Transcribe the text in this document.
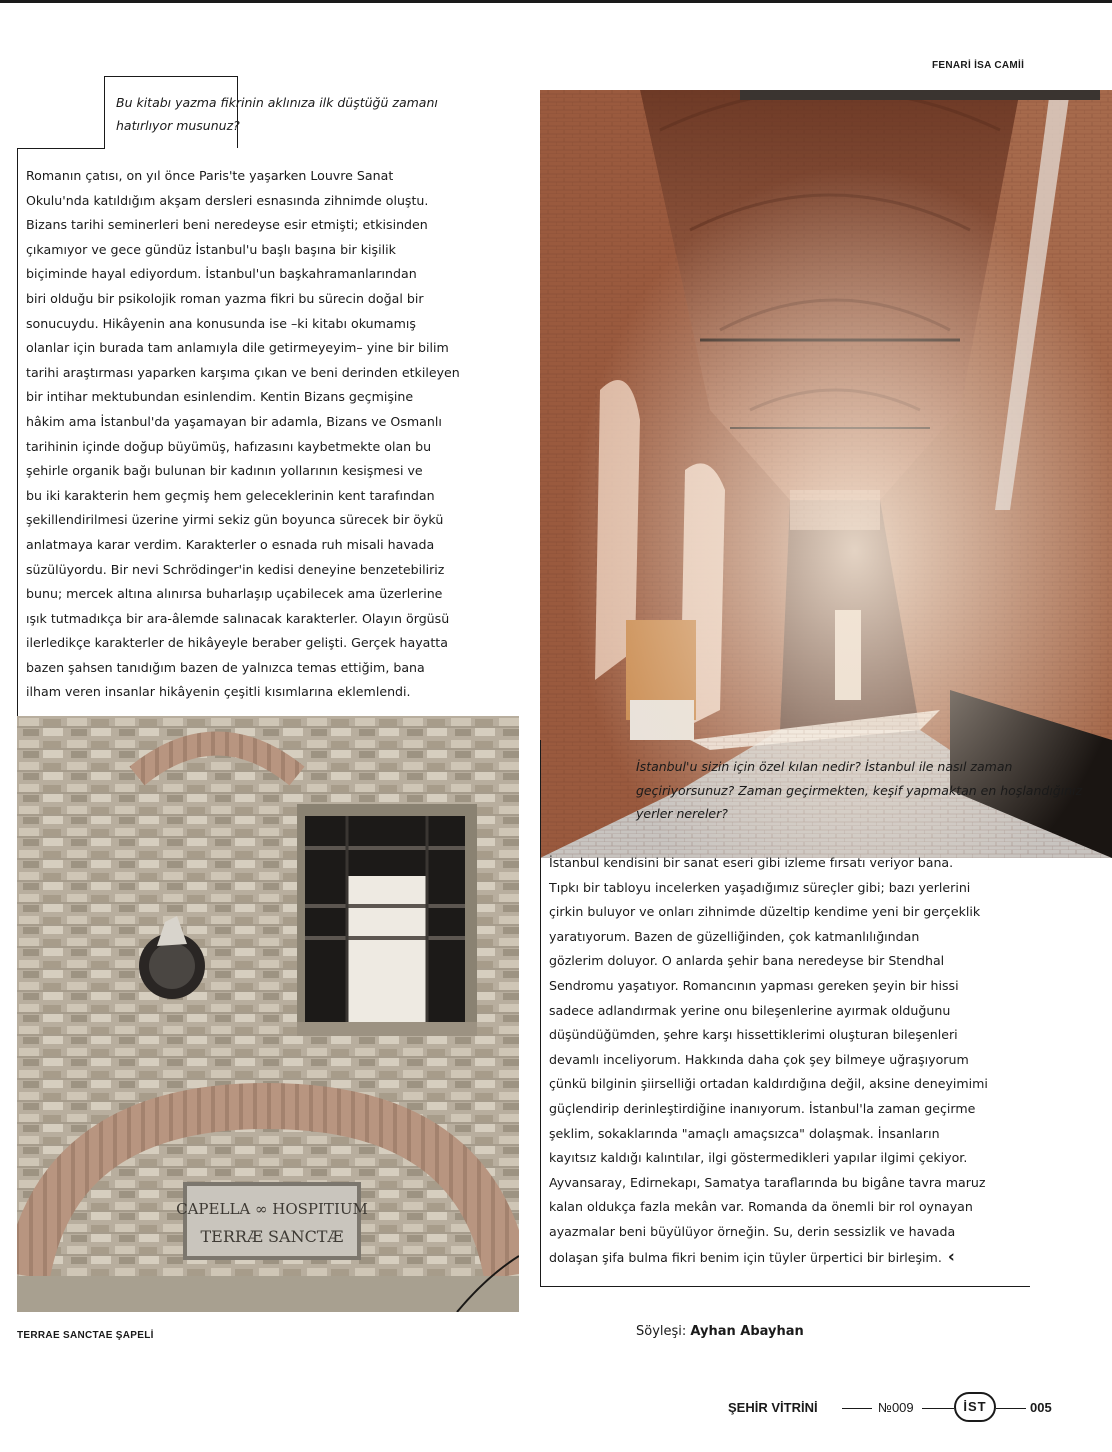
FENARİ İSA CAMİİ
Bu kitabı yazma fikrinin aklınıza ilk düştüğü zamanı hatırlıyor musunuz?
Romanın çatısı, on yıl önce Paris'te yaşarken Louvre Sanat
Okulu'nda katıldığım akşam dersleri esnasında zihnimde oluştu.
Bizans tarihi seminerleri beni neredeyse esir etmişti; etkisinden
çıkamıyor ve gece gündüz İstanbul'u başlı başına bir kişilik
biçiminde hayal ediyordum. İstanbul'un başkahramanlarından
biri olduğu bir psikolojik roman yazma fikri bu sürecin doğal bir
sonucuydu. Hikâyenin ana konusunda ise –ki kitabı okumamış
olanlar için burada tam anlamıyla dile getirmeyeyim– yine bir bilim
tarihi araştırması yaparken karşıma çıkan ve beni derinden etkileyen
bir intihar mektubundan esinlendim. Kentin Bizans geçmişine
hâkim ama İstanbul'da yaşamayan bir adamla, Bizans ve Osmanlı
tarihinin içinde doğup büyümüş, hafızasını kaybetmekte olan bu
şehirle organik bağı bulunan bir kadının yollarının kesişmesi ve
bu iki karakterin hem geçmiş hem geleceklerinin kent tarafından
şekillendirilmesi üzerine yirmi sekiz gün boyunca sürecek bir öykü
anlatmaya karar verdim. Karakterler o esnada ruh misali havada
süzülüyordu. Bir nevi Schrödinger'in kedisi deneyine benzetebiliriz
bunu; mercek altına alınırsa buharlaşıp uçabilecek ama üzerlerine
ışık tutmadıkça bir ara-âlemde salınacak karakterler. Olayın örgüsü
ilerledikçe karakterler de hikâyeyle beraber gelişti. Gerçek hayatta
bazen şahsen tanıdığım bazen de yalnızca temas ettiğim, bana
ilham veren insanlar hikâyenin çeşitli kısımlarına eklemlendi.
İstanbul'u sizin için özel kılan nedir? İstanbul ile nasıl zaman geçiriyorsunuz? Zaman geçirmekten, keşif yapmaktan en hoşlandığınız yerler nereler?
İstanbul kendisini bir sanat eseri gibi izleme fırsatı veriyor bana.
Tıpkı bir tabloyu incelerken yaşadığımız süreçler gibi; bazı yerlerini
çirkin buluyor ve onları zihnimde düzeltip kendime yeni bir gerçeklik
yaratıyorum. Bazen de güzelliğinden, çok katmanlılığından
gözlerim doluyor. O anlarda şehir bana neredeyse bir Stendhal
Sendromu yaşatıyor. Romancının yapması gereken şeyin bir hissi
sadece adlandırmak yerine onu bileşenlerine ayırmak olduğunu
düşündüğümden, şehre karşı hissettiklerimi oluşturan bileşenleri
devamlı inceliyorum. Hakkında daha çok şey bilmeye uğraşıyorum
çünkü bilginin şiirselliği ortadan kaldırdığına değil, aksine deneyimimi
güçlendirip derinleştirdiğine inanıyorum. İstanbul'la zaman geçirme
şeklim, sokaklarında "amaçlı amaçsızca" dolaşmak. İnsanların
kayıtsız kaldığı kalıntılar, ilgi göstermedikleri yapılar ilgimi çekiyor.
Ayvansaray, Edirnekapı, Samatya taraflarında bu bigâne tavra maruz
kalan oldukça fazla mekân var. Romanda da önemli bir rol oynayan
ayazmalar beni büyülüyor örneğin. Su, derin sessizlik ve havada
dolaşan şifa bulma fikri benim için tüyler ürpertici bir birleşim. ‹
CAPELLA ∞ HOSPITIUM
TERRÆ SANCTÆ
TERRAE SANCTAE ŞAPELİ	Söyleşi: Ayhan Abayhan
ŞEHİR VİTRİNİ	№009	İST	005
